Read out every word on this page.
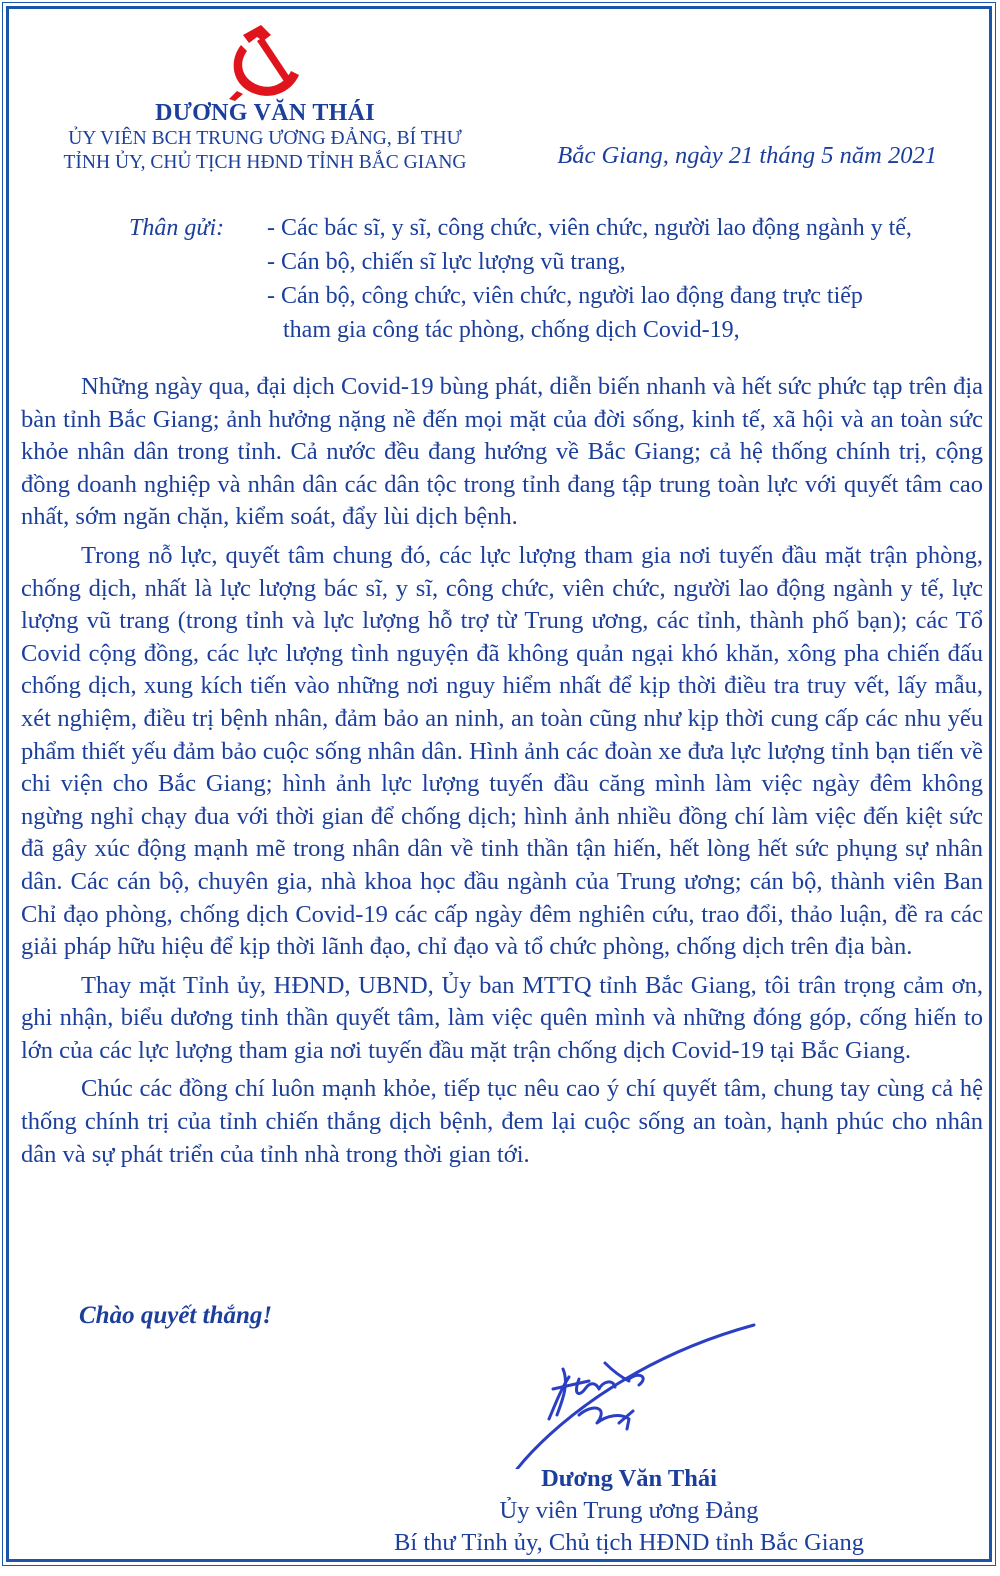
DƯƠNG VĂN THÁI
ỦY VIÊN BCH TRUNG ƯƠNG ĐẢNG, BÍ THƯ
TỈNH ỦY, CHỦ TỊCH HĐND TỈNH BẮC GIANG	Bắc Giang, ngày 21 tháng 5 năm 2021
Thân gửi: - Các bác sĩ, y sĩ, công chức, viên chức, người lao động ngành y tế,
- Cán bộ, chiến sĩ lực lượng vũ trang,
- Cán bộ, công chức, viên chức, người lao động đang trực tiếp
tham gia công tác phòng, chống dịch Covid-19,

Những ngày qua, đại dịch Covid-19 bùng phát, diễn biến nhanh và hết sức phức tạp trên địa bàn tỉnh Bắc Giang; ảnh hưởng nặng nề đến mọi mặt của đời sống, kinh tế, xã hội và an toàn sức khỏe nhân dân trong tỉnh. Cả nước đều đang hướng về Bắc Giang; cả hệ thống chính trị, cộng đồng doanh nghiệp và nhân dân các dân tộc trong tỉnh đang tập trung toàn lực với quyết tâm cao nhất, sớm ngăn chặn, kiểm soát, đẩy lùi dịch bệnh.

Trong nỗ lực, quyết tâm chung đó, các lực lượng tham gia nơi tuyến đầu mặt trận phòng, chống dịch, nhất là lực lượng bác sĩ, y sĩ, công chức, viên chức, người lao động ngành y tế, lực lượng vũ trang (trong tỉnh và lực lượng hỗ trợ từ Trung ương, các tỉnh, thành phố bạn); các Tổ Covid cộng đồng, các lực lượng tình nguyện đã không quản ngại khó khăn, xông pha chiến đấu chống dịch, xung kích tiến vào những nơi nguy hiểm nhất để kịp thời điều tra truy vết, lấy mẫu, xét nghiệm, điều trị bệnh nhân, đảm bảo an ninh, an toàn cũng như kịp thời cung cấp các nhu yếu phẩm thiết yếu đảm bảo cuộc sống nhân dân. Hình ảnh các đoàn xe đưa lực lượng tỉnh bạn tiến về chi viện cho Bắc Giang; hình ảnh lực lượng tuyến đầu căng mình làm việc ngày đêm không ngừng nghỉ chạy đua với thời gian để chống dịch; hình ảnh nhiều đồng chí làm việc đến kiệt sức đã gây xúc động mạnh mẽ trong nhân dân về tinh thần tận hiến, hết lòng hết sức phụng sự nhân dân. Các cán bộ, chuyên gia, nhà khoa học đầu ngành của Trung ương; cán bộ, thành viên Ban Chỉ đạo phòng, chống dịch Covid-19 các cấp ngày đêm nghiên cứu, trao đổi, thảo luận, đề ra các giải pháp hữu hiệu để kịp thời lãnh đạo, chỉ đạo và tổ chức phòng, chống dịch trên địa bàn.

Thay mặt Tỉnh ủy, HĐND, UBND, Ủy ban MTTQ tỉnh Bắc Giang, tôi trân trọng cảm ơn, ghi nhận, biểu dương tinh thần quyết tâm, làm việc quên mình và những đóng góp, cống hiến to lớn của các lực lượng tham gia nơi tuyến đầu mặt trận chống dịch Covid-19 tại Bắc Giang.

Chúc các đồng chí luôn mạnh khỏe, tiếp tục nêu cao ý chí quyết tâm, chung tay cùng cả hệ thống chính trị của tỉnh chiến thắng dịch bệnh, đem lại cuộc sống an toàn, hạnh phúc cho nhân dân và sự phát triển của tỉnh nhà trong thời gian tới.

Chào quyết thắng!
Dương Văn Thái
Ủy viên Trung ương Đảng
Bí thư Tỉnh ủy, Chủ tịch HĐND tỉnh Bắc Giang
